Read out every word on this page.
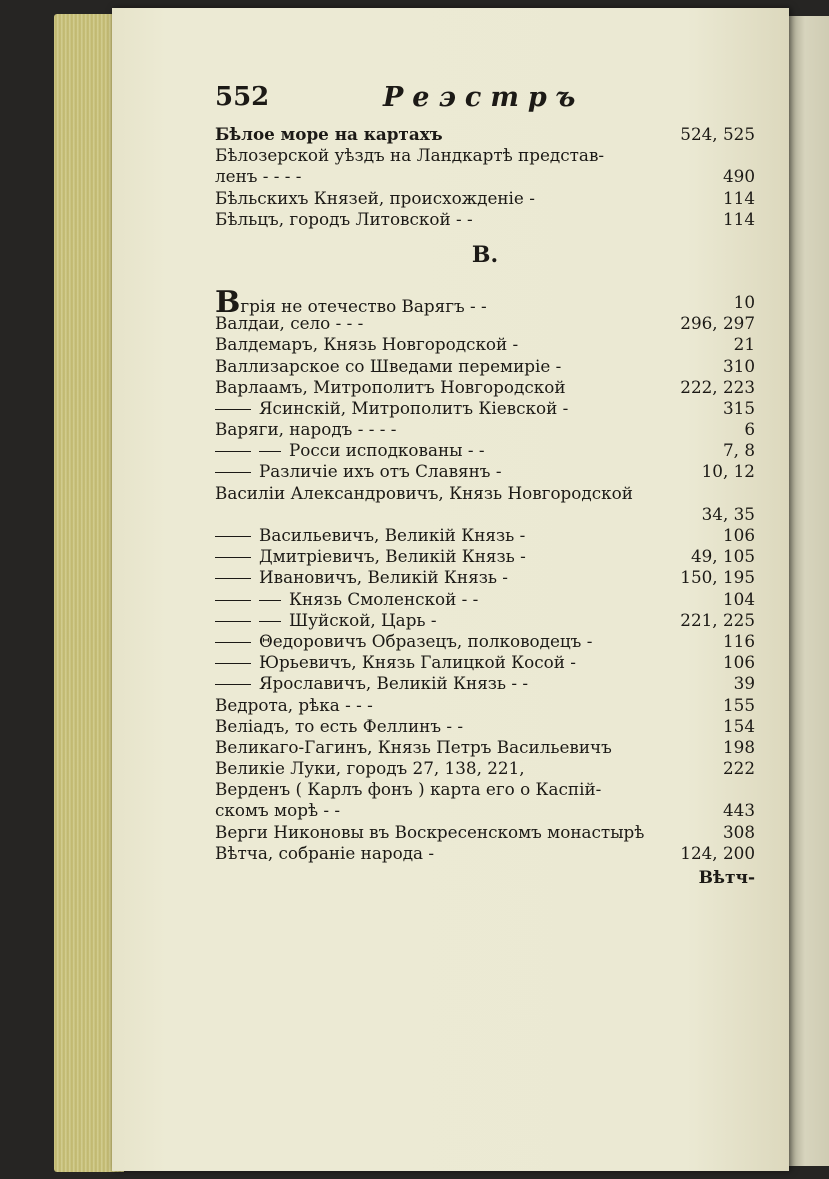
552	Реэстръ
Бѣлое море на картахъ	524, 525
Бѣлозерской уѣздъ на Ландкартѣ предстaв-
ленъ - - - -	490
Бѣльскихъ Князей, происхожденіе -	114
Бѣльцъ, городъ Литовской - -	114
В.
Вгрія не отечество Варягъ - -	10
Валдаи, село - - -	296, 297
Валдемаръ, Князь Новгородской -	21
Валлизарское со Шведами перемиріе -	310
Варлаамъ, Митрополитъ Новгородской	222, 223
Ясинскій, Митрополитъ Кіевской -	315
Варяги, народъ - - - -	6
Росси исподкованы - -	7, 8
Различіе ихъ отъ Славянъ -	10, 12
Василіи Александровичъ, Князь Новгородской
34, 35
Васильевичъ, Великій Князь -	106
Дмитріевичъ, Великій Князь -	49, 105
Ивановичъ, Великій Князь -	150, 195
Князь Смоленской - -	104
Шуйской, Царь -	221, 225
Θедоровичъ Образецъ, полководецъ -	116
Юрьевичъ, Князь Галицкой Косой -	106
Ярославичъ, Великій Князь - -	39
Ведрота, рѣка - - -	155
Веліадъ, то есть Феллинъ - -	154
Великаго-Гагинъ, Князь Петръ Васильевичъ	198
Великіе Луки, городъ 27, 138, 221,	222
Верденъ ( Карлъ фонъ ) карта его о Каспій-
скомъ морѣ - -	443
Верги Никоновы въ Воскресенскомъ монастырѣ	308
Вѣтча, собраніе народа -	124, 200
Вѣтч-
